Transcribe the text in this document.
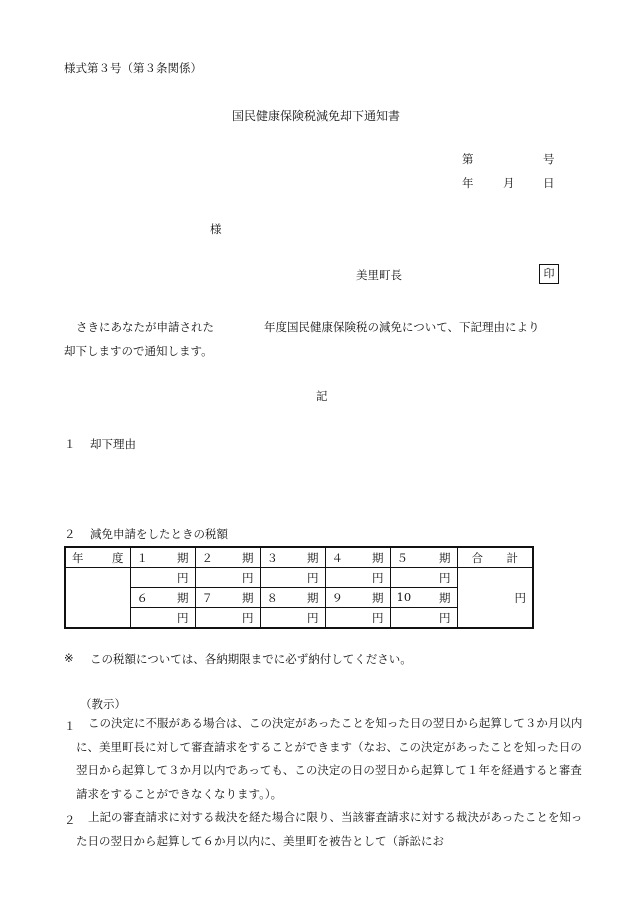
様式第３号（第３条関係）
国民健康保険税減免却下通知書
第	号
年	月 日
様
美里町長	印
さきにあなたが申請された	年度国民健康保険税の減免について、下記理由により
却下しますので通知します。
記
１ 却下理由
２ 減免申請をしたときの税額
年 度	１ 期	２ 期	３ 期	４ 期	５ 期	合 計

	円	円	円	円	円	円

	６ 期	７ 期	８ 期	９ 期	10 期	

	円	円	円	円	円	
※ この税額については、各納期限までに必ず納付してください。
（教示）
１	この決定に不服がある場合は、この決定があったことを知った日の翌日から起算して３か月以内に、美里町長に対して審査請求をすることができます（なお、この決定があったことを知った日の翌日から起算して３か月以内であっても、この決定の日の翌日から起算して１年を経過すると審査請求をすることができなくなります。）。
２	上記の審査請求に対する裁決を経た場合に限り、当該審査請求に対する裁決があったことを知った日の翌日から起算して６か月以内に、美里町を被告として（訴訟にお
